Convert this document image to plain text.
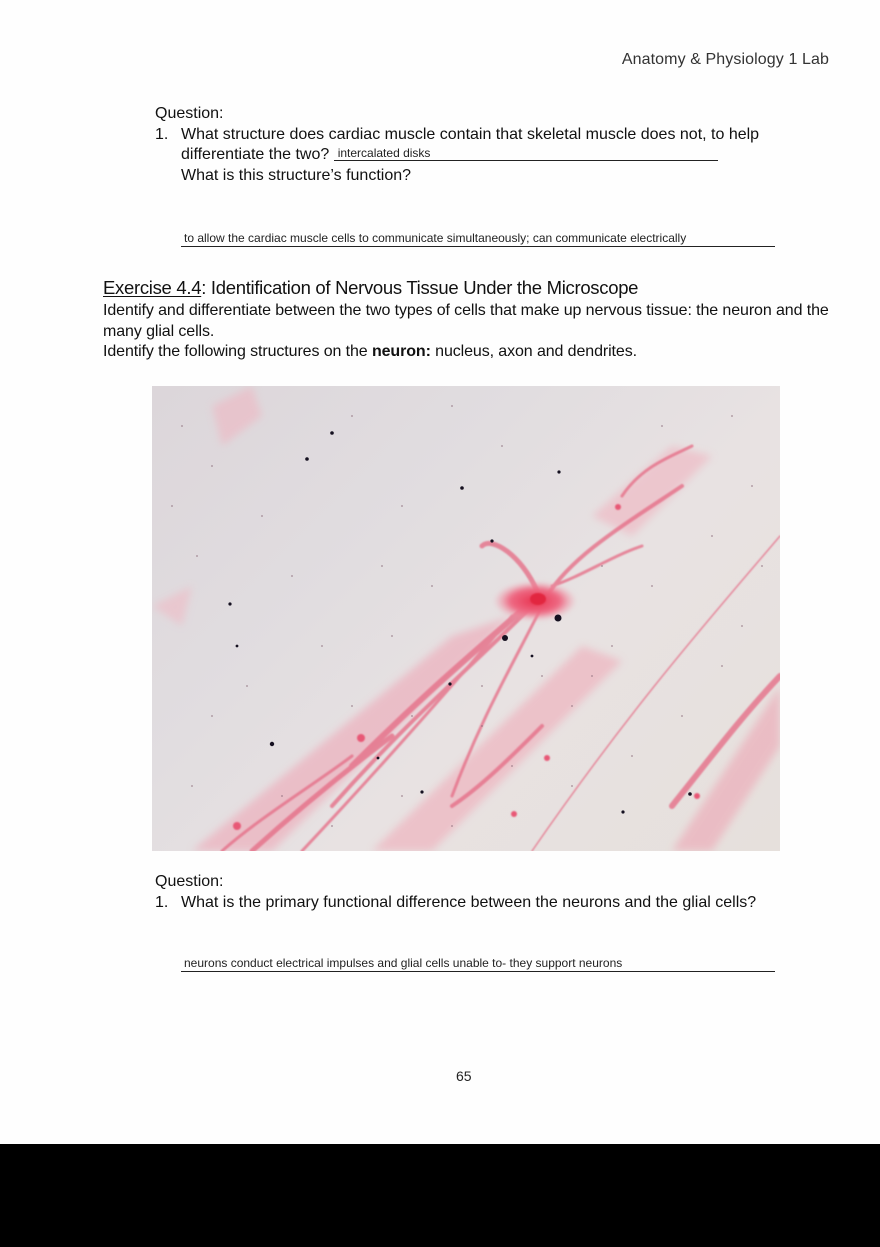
Anatomy & Physiology 1 Lab
Question:
1. What structure does cardiac muscle contain that skeletal muscle does not, to help differentiate the two? intercalated disks
What is this structure’s function?
to allow the cardiac muscle cells to communicate simultaneously; can communicate electrically
Exercise 4.4: Identification of Nervous Tissue Under the Microscope
Identify and differentiate between the two types of cells that make up nervous tissue: the neuron and the many glial cells.
Identify the following structures on the neuron: nucleus, axon and dendrites.
Question:
1. What is the primary functional difference between the neurons and the glial cells?
neurons conduct electrical impulses and glial cells unable to- they support neurons
65
